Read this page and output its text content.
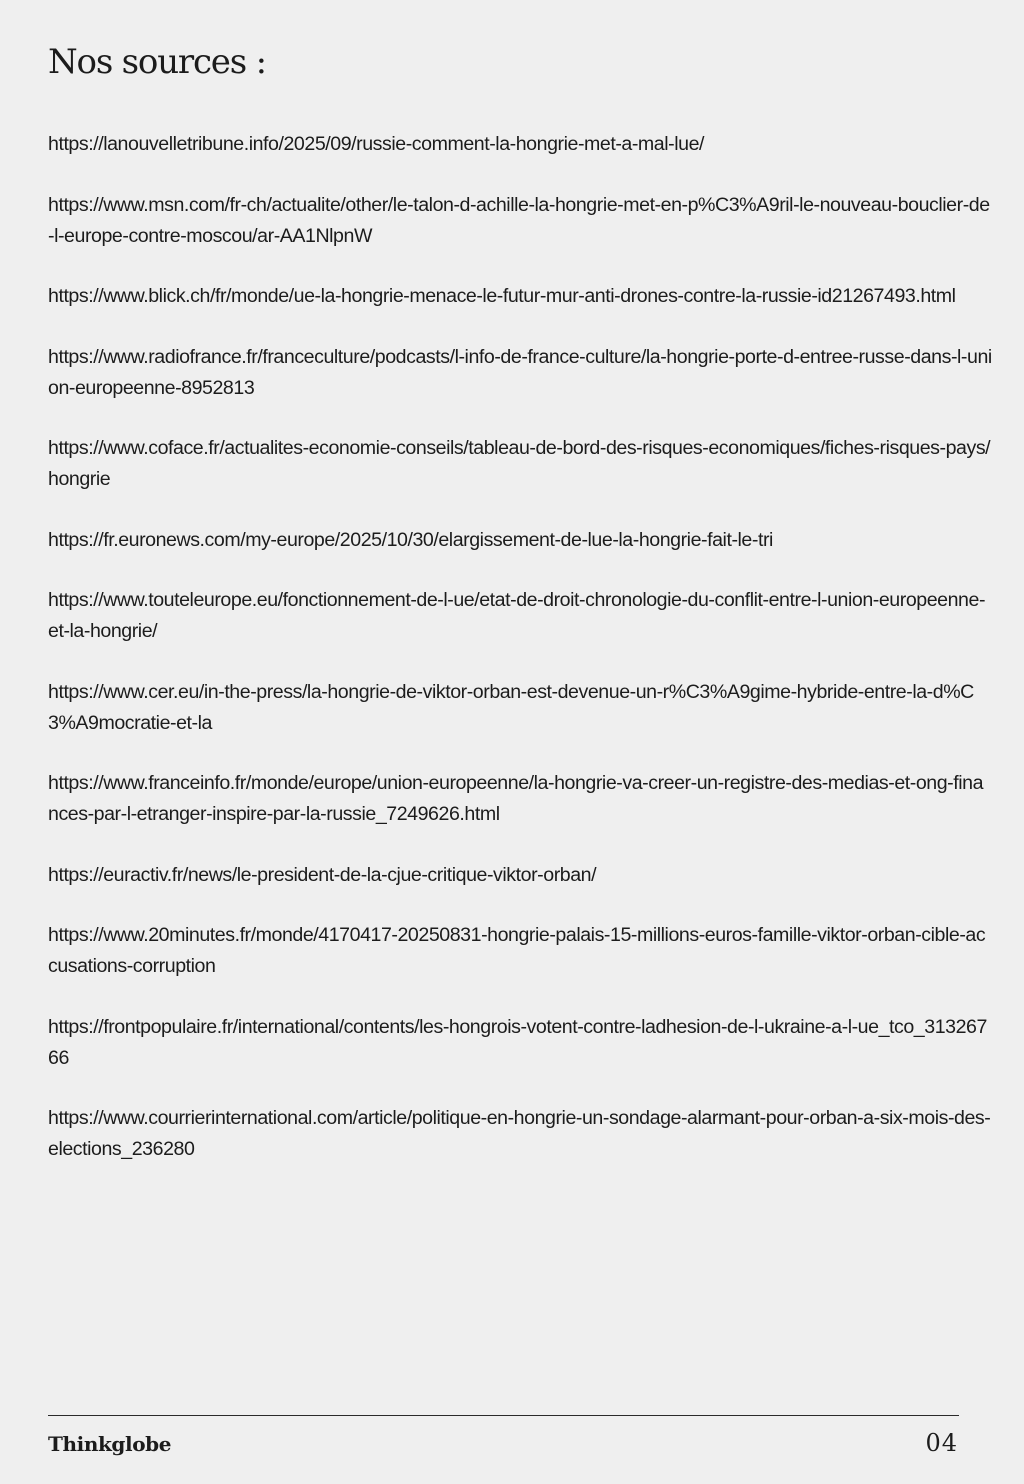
Nos sources :
https://lanouvelletribune.info/2025/09/russie-comment-la-hongrie-met-a-mal-lue/
https://www.msn.com/fr-ch/actualite/other/le-talon-d-achille-la-hongrie-met-en-p%C3%A9ril-le-nouveau-bouclier-de-l-europe-contre-moscou/ar-AA1NlpnW
https://www.blick.ch/fr/monde/ue-la-hongrie-menace-le-futur-mur-anti-drones-contre-la-russie-id21267493.html
https://www.radiofrance.fr/franceculture/podcasts/l-info-de-france-culture/la-hongrie-porte-d-entree-russe-dans-l-union-europeenne-8952813
https://www.coface.fr/actualites-economie-conseils/tableau-de-bord-des-risques-economiques/fiches-risques-pays/hongrie
https://fr.euronews.com/my-europe/2025/10/30/elargissement-de-lue-la-hongrie-fait-le-tri
https://www.touteleurope.eu/fonctionnement-de-l-ue/etat-de-droit-chronologie-du-conflit-entre-l-union-europeenne-et-la-hongrie/
https://www.cer.eu/in-the-press/la-hongrie-de-viktor-orban-est-devenue-un-r%C3%A9gime-hybride-entre-la-d%C3%A9mocratie-et-la
https://www.franceinfo.fr/monde/europe/union-europeenne/la-hongrie-va-creer-un-registre-des-medias-et-ong-finances-par-l-etranger-inspire-par-la-russie_7249626.html
https://euractiv.fr/news/le-president-de-la-cjue-critique-viktor-orban/
https://www.20minutes.fr/monde/4170417-20250831-hongrie-palais-15-millions-euros-famille-viktor-orban-cible-accusations-corruption
https://frontpopulaire.fr/international/contents/les-hongrois-votent-contre-ladhesion-de-l-ukraine-a-l-ue_tco_31326766
https://www.courrierinternational.com/article/politique-en-hongrie-un-sondage-alarmant-pour-orban-a-six-mois-des-elections_236280
Thinkglobe	04
